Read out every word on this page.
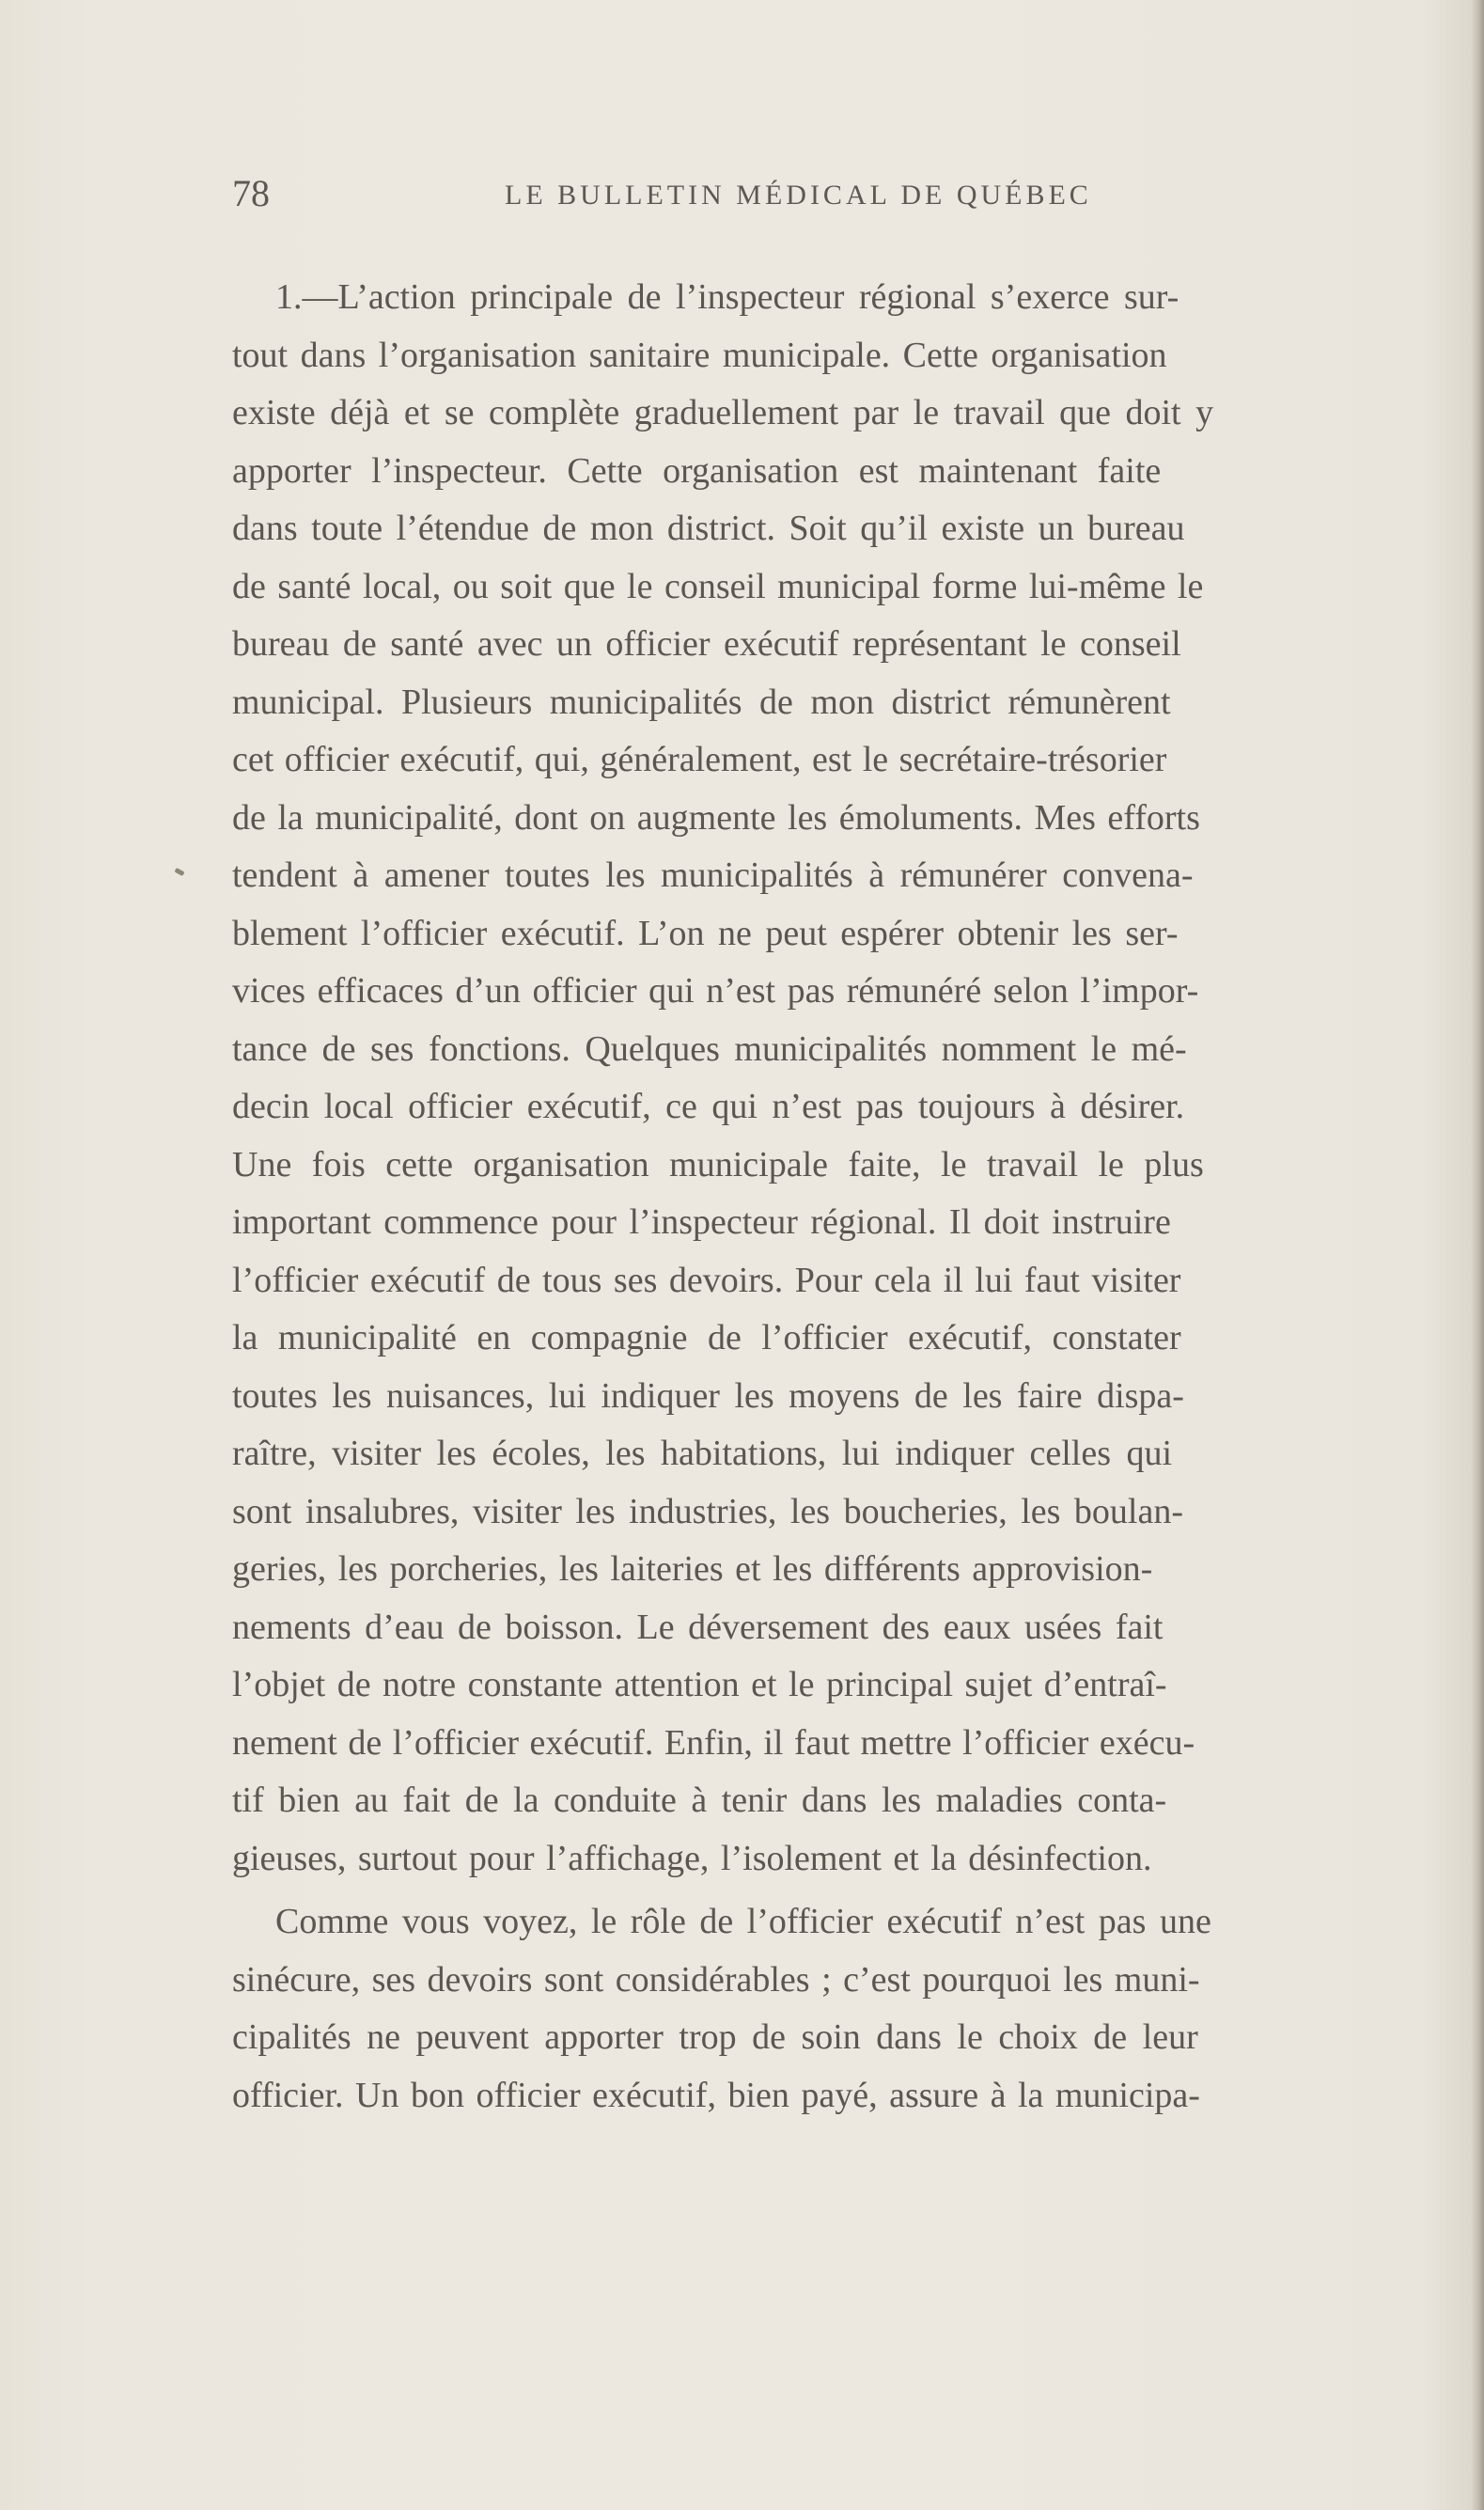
78	LE BULLETIN MÉDICAL DE QUÉBEC
1.—L’action principale de l’inspecteur régional s’exerce sur-
tout dans l’organisation sanitaire municipale. Cette organisation
existe déjà et se complète graduellement par le travail que doit y
apporter l’inspecteur. Cette organisation est maintenant faite
dans toute l’étendue de mon district. Soit qu’il existe un bureau
de santé local, ou soit que le conseil municipal forme lui-même le
bureau de santé avec un officier exécutif représentant le conseil
municipal. Plusieurs municipalités de mon district rémunèrent
cet officier exécutif, qui, généralement, est le secrétaire-trésorier
de la municipalité, dont on augmente les émoluments. Mes efforts
tendent à amener toutes les municipalités à rémunérer convena-
blement l’officier exécutif. L’on ne peut espérer obtenir les ser-
vices efficaces d’un officier qui n’est pas rémunéré selon l’impor-
tance de ses fonctions. Quelques municipalités nomment le mé-
decin local officier exécutif, ce qui n’est pas toujours à désirer.
Une fois cette organisation municipale faite, le travail le plus
important commence pour l’inspecteur régional. Il doit instruire
l’officier exécutif de tous ses devoirs. Pour cela il lui faut visiter
la municipalité en compagnie de l’officier exécutif, constater
toutes les nuisances, lui indiquer les moyens de les faire dispa-
raître, visiter les écoles, les habitations, lui indiquer celles qui
sont insalubres, visiter les industries, les boucheries, les boulan-
geries, les porcheries, les laiteries et les différents approvision-
nements d’eau de boisson. Le déversement des eaux usées fait
l’objet de notre constante attention et le principal sujet d’entraî-
nement de l’officier exécutif. Enfin, il faut mettre l’officier exécu-
tif bien au fait de la conduite à tenir dans les maladies conta-
gieuses, surtout pour l’affichage, l’isolement et la désinfection.
Comme vous voyez, le rôle de l’officier exécutif n’est pas une
sinécure, ses devoirs sont considérables ; c’est pourquoi les muni-
cipalités ne peuvent apporter trop de soin dans le choix de leur
officier. Un bon officier exécutif, bien payé, assure à la municipa-
